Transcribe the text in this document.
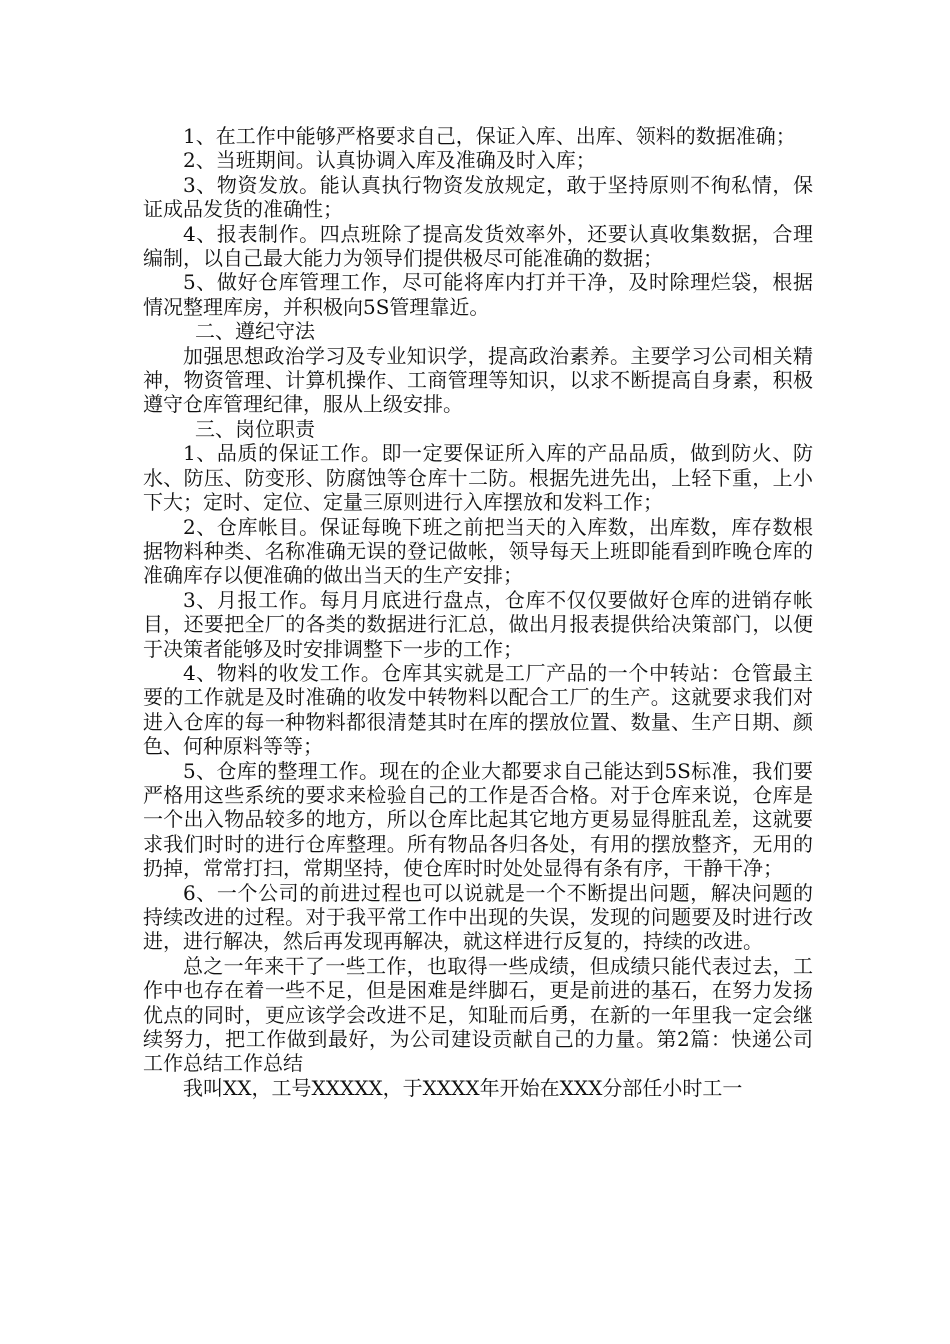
1、在工作中能够严格要求自己，保证入库、出库、领料的数据准确；

2、当班期间。认真协调入库及准确及时入库；

3、物资发放。能认真执行物资发放规定，敢于坚持原则不徇私情，保证成品发货的准确性；

4、报表制作。四点班除了提高发货效率外，还要认真收集数据，合理编制，以自己最大能力为领导们提供极尽可能准确的数据；

5、做好仓库管理工作，尽可能将库内打并干净，及时除理烂袋，根据情况整理库房，并积极向5S管理靠近。

二、遵纪守法

加强思想政治学习及专业知识学，提高政治素养。主要学习公司相关精神，物资管理、计算机操作、工商管理等知识，以求不断提高自身素，积极遵守仓库管理纪律，服从上级安排。

三、岗位职责

1、品质的保证工作。即一定要保证所入库的产品品质，做到防火、防水、防压、防变形、防腐蚀等仓库十二防。根据先进先出，上轻下重，上小下大；定时、定位、定量三原则进行入库摆放和发料工作；

2、仓库帐目。保证每晚下班之前把当天的入库数，出库数，库存数根据物料种类、名称准确无误的登记做帐，领导每天上班即能看到昨晚仓库的准确库存以便准确的做出当天的生产安排；

3、月报工作。每月月底进行盘点，仓库不仅仅要做好仓库的进销存帐目，还要把全厂的各类的数据进行汇总，做出月报表提供给决策部门，以便于决策者能够及时安排调整下一步的工作；

4、物料的收发工作。仓库其实就是工厂产品的一个中转站：仓管最主要的工作就是及时准确的收发中转物料以配合工厂的生产。这就要求我们对进入仓库的每一种物料都很清楚其时在库的摆放位置、数量、生产日期、颜色、何种原料等等；

5、仓库的整理工作。现在的企业大都要求自己能达到5S标准，我们要严格用这些系统的要求来检验自己的工作是否合格。对于仓库来说，仓库是一个出入物品较多的地方，所以仓库比起其它地方更易显得脏乱差，这就要求我们时时的进行仓库整理。所有物品各归各处，有用的摆放整齐，无用的扔掉，常常打扫，常期坚持，使仓库时时处处显得有条有序，干静干净；

6、一个公司的前进过程也可以说就是一个不断提出问题，解决问题的持续改进的过程。对于我平常工作中出现的失误，发现的问题要及时进行改进，进行解决，然后再发现再解决，就这样进行反复的，持续的改进。

总之一年来干了一些工作，也取得一些成绩，但成绩只能代表过去，工作中也存在着一些不足，但是困难是绊脚石，更是前进的基石，在努力发扬优点的同时，更应该学会改进不足，知耻而后勇，在新的一年里我一定会继续努力，把工作做到最好，为公司建设贡献自己的力量。第2篇：快递公司工作总结工作总结

我叫XX，工号XXXXX，于XXXX年开始在XXX分部任小时工一
